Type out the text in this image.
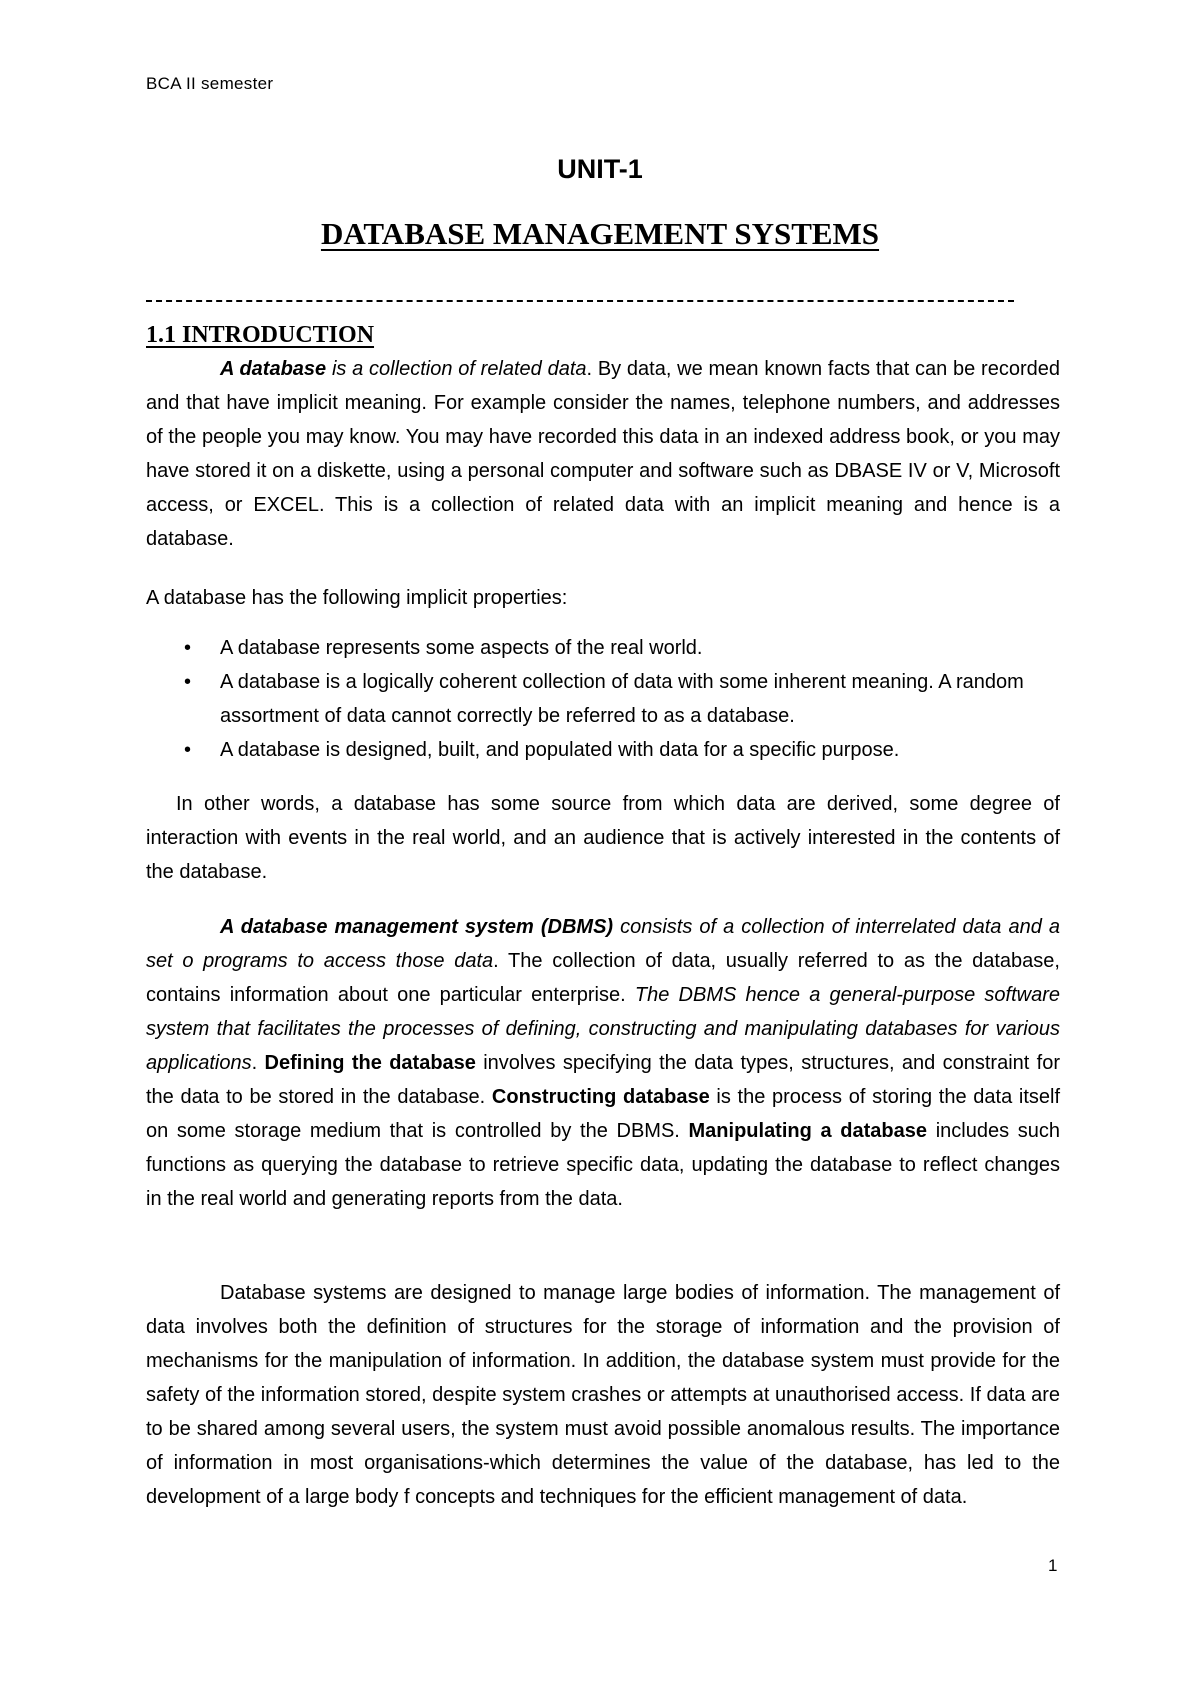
BCA II semester
UNIT-1
DATABASE MANAGEMENT SYSTEMS
1.1 INTRODUCTION

A database is a collection of related data. By data, we mean known facts that can be recorded and that have implicit meaning. For example consider the names, telephone numbers, and addresses of the people you may know. You may have recorded this data in an indexed address book, or you may have stored it on a diskette, using a personal computer and software such as DBASE IV or V, Microsoft access, or EXCEL. This is a collection of related data with an implicit meaning and hence is a database.

A database has the following implicit properties:

• A database represents some aspects of the real world.
• A database is a logically coherent collection of data with some inherent meaning. A random assortment of data cannot correctly be referred to as a database.
• A database is designed, built, and populated with data for a specific purpose.

In other words, a database has some source from which data are derived, some degree of interaction with events in the real world, and an audience that is actively interested in the contents of the database.

A database management system (DBMS) consists of a collection of interrelated data and a set o programs to access those data. The collection of data, usually referred to as the database, contains information about one particular enterprise. The DBMS hence a general-purpose software system that facilitates the processes of defining, constructing and manipulating databases for various applications. Defining the database involves specifying the data types, structures, and constraint for the data to be stored in the database. Constructing database is the process of storing the data itself on some storage medium that is controlled by the DBMS. Manipulating a database includes such functions as querying the database to retrieve specific data, updating the database to reflect changes in the real world and generating reports from the data.

Database systems are designed to manage large bodies of information. The management of data involves both the definition of structures for the storage of information and the provision of mechanisms for the manipulation of information. In addition, the database system must provide for the safety of the information stored, despite system crashes or attempts at unauthorised access. If data are to be shared among several users, the system must avoid possible anomalous results. The importance of information in most organisations-which determines the value of the database, has led to the development of a large body f concepts and techniques for the efficient management of data.

1
